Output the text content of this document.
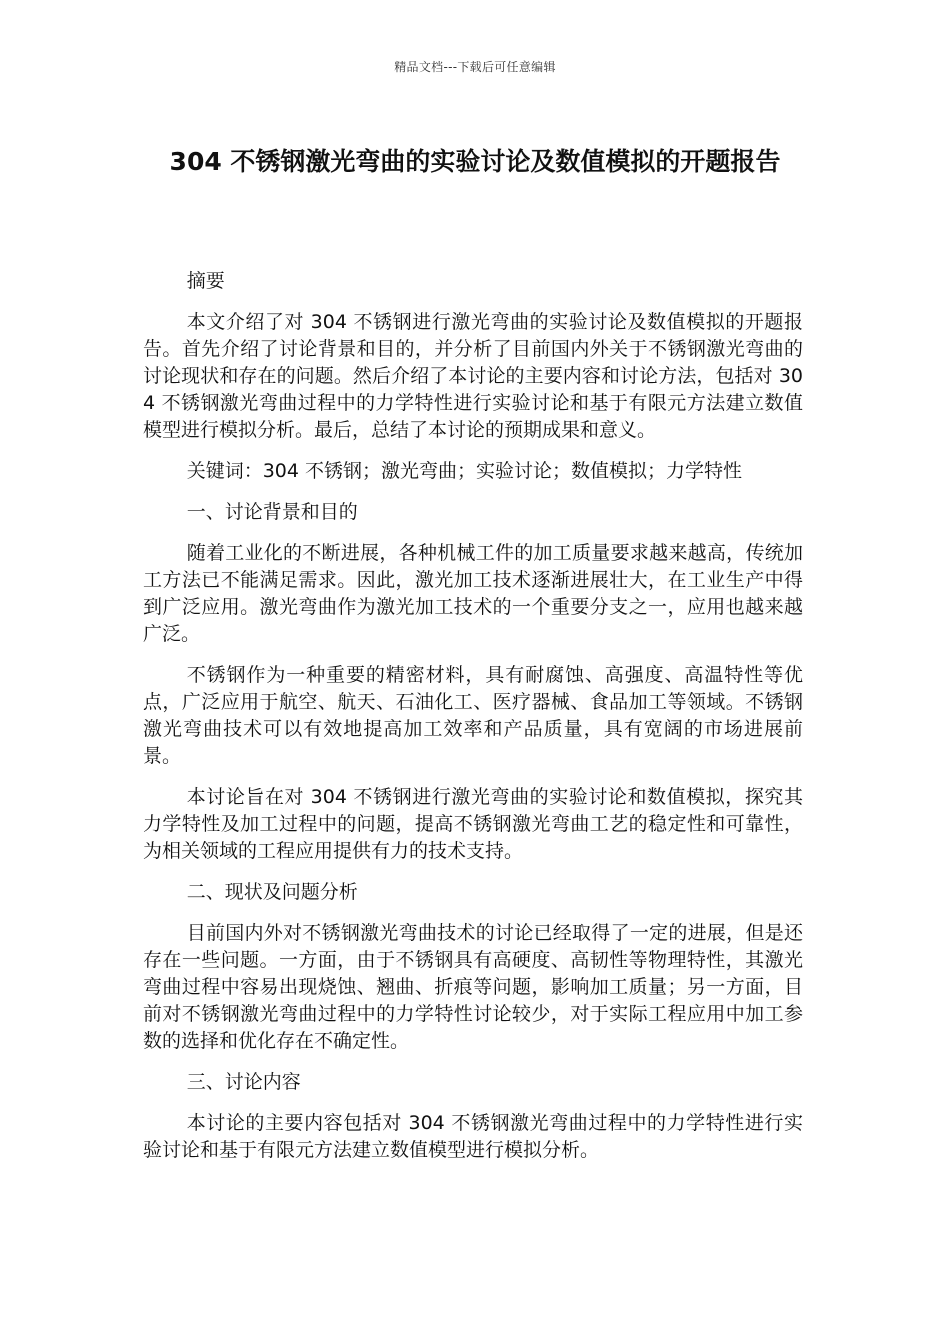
精品文档---下载后可任意编辑
304 不锈钢激光弯曲的实验讨论及数值模拟的开题报告

摘要

本文介绍了对 304 不锈钢进行激光弯曲的实验讨论及数值模拟的开题报告。首先介绍了讨论背景和目的，并分析了目前国内外关于不锈钢激光弯曲的讨论现状和存在的问题。然后介绍了本讨论的主要内容和讨论方法，包括对 304 不锈钢激光弯曲过程中的力学特性进行实验讨论和基于有限元方法建立数值模型进行模拟分析。最后，总结了本讨论的预期成果和意义。

关键词：304 不锈钢；激光弯曲；实验讨论；数值模拟；力学特性

一、讨论背景和目的

随着工业化的不断进展，各种机械工件的加工质量要求越来越高，传统加工方法已不能满足需求。因此，激光加工技术逐渐进展壮大，在工业生产中得到广泛应用。激光弯曲作为激光加工技术的一个重要分支之一，应用也越来越广泛。

不锈钢作为一种重要的精密材料，具有耐腐蚀、高强度、高温特性等优点，广泛应用于航空、航天、石油化工、医疗器械、食品加工等领域。不锈钢激光弯曲技术可以有效地提高加工效率和产品质量，具有宽阔的市场进展前景。

本讨论旨在对 304 不锈钢进行激光弯曲的实验讨论和数值模拟，探究其力学特性及加工过程中的问题，提高不锈钢激光弯曲工艺的稳定性和可靠性，为相关领域的工程应用提供有力的技术支持。

二、现状及问题分析

目前国内外对不锈钢激光弯曲技术的讨论已经取得了一定的进展，但是还存在一些问题。一方面，由于不锈钢具有高硬度、高韧性等物理特性，其激光弯曲过程中容易出现烧蚀、翘曲、折痕等问题，影响加工质量；另一方面，目前对不锈钢激光弯曲过程中的力学特性讨论较少，对于实际工程应用中加工参数的选择和优化存在不确定性。

三、讨论内容

本讨论的主要内容包括对 304 不锈钢激光弯曲过程中的力学特性进行实验讨论和基于有限元方法建立数值模型进行模拟分析。
